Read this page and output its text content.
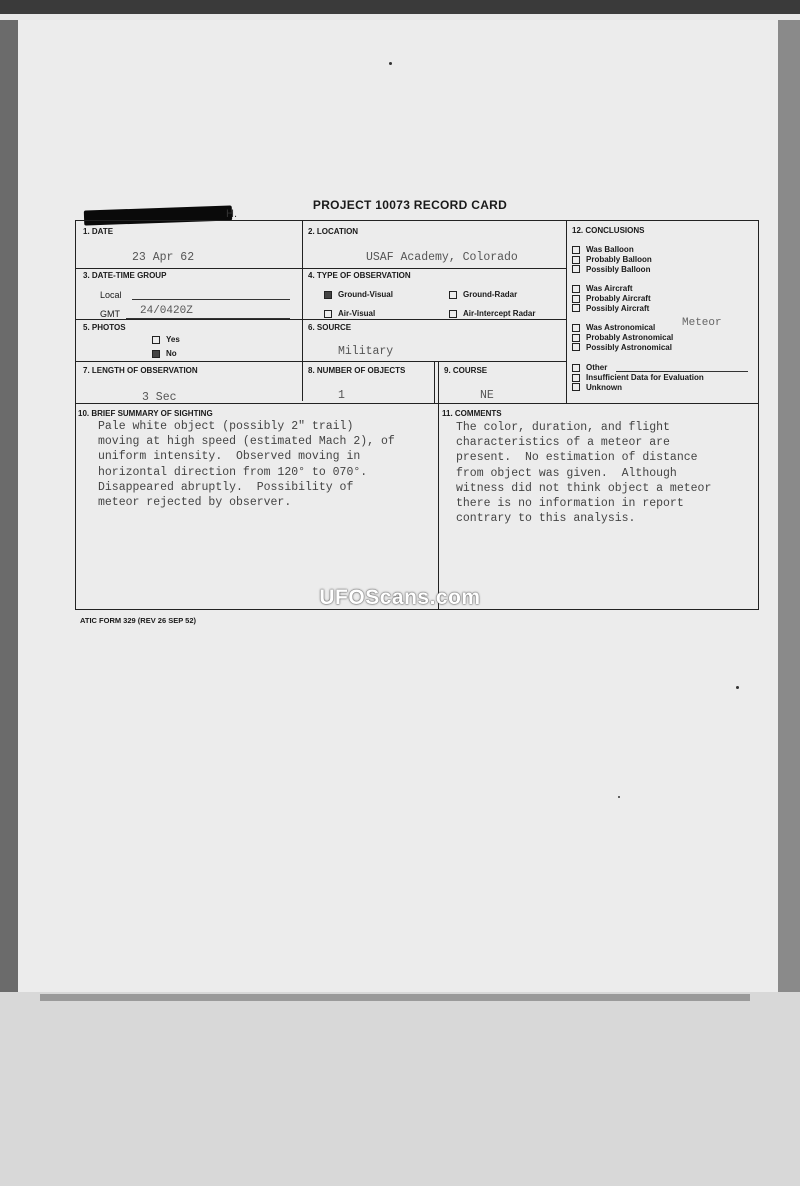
PROJECT 10073 RECORD CARD
H.
1. DATE
23 Apr 62
2. LOCATION
USAF Academy, Colorado
3. DATE-TIME GROUP
Local
GMT 24/0420Z
4. TYPE OF OBSERVATION
Ground-Visual	Ground-Radar
Air-Visual	Air-Intercept Radar
5. PHOTOS
Yes
No
6. SOURCE
Military
7. LENGTH OF OBSERVATION
3 Sec
8. NUMBER OF OBJECTS
1
9. COURSE
NE
10. BRIEF SUMMARY OF SIGHTING
Pale white object (possibly 2" trail)
moving at high speed (estimated Mach 2), of
uniform intensity.  Observed moving in
horizontal direction from 120° to 070°.
Disappeared abruptly.  Possibility of
meteor rejected by observer.
11. COMMENTS
The color, duration, and flight
characteristics of a meteor are
present.  No estimation of distance
from object was given.  Although
witness did not think object a meteor
there is no information in report
contrary to this analysis.
12. CONCLUSIONS
Was Balloon
Probably Balloon
Possibly Balloon
Was Aircraft
Probably Aircraft
Possibly Aircraft
Was Astronomical
Probably Astronomical
Possibly Astronomical
Meteor
Other
Insufficient Data for Evaluation
Unknown
UFOScans.com
ATIC FORM 329 (REV 26 SEP 52)
